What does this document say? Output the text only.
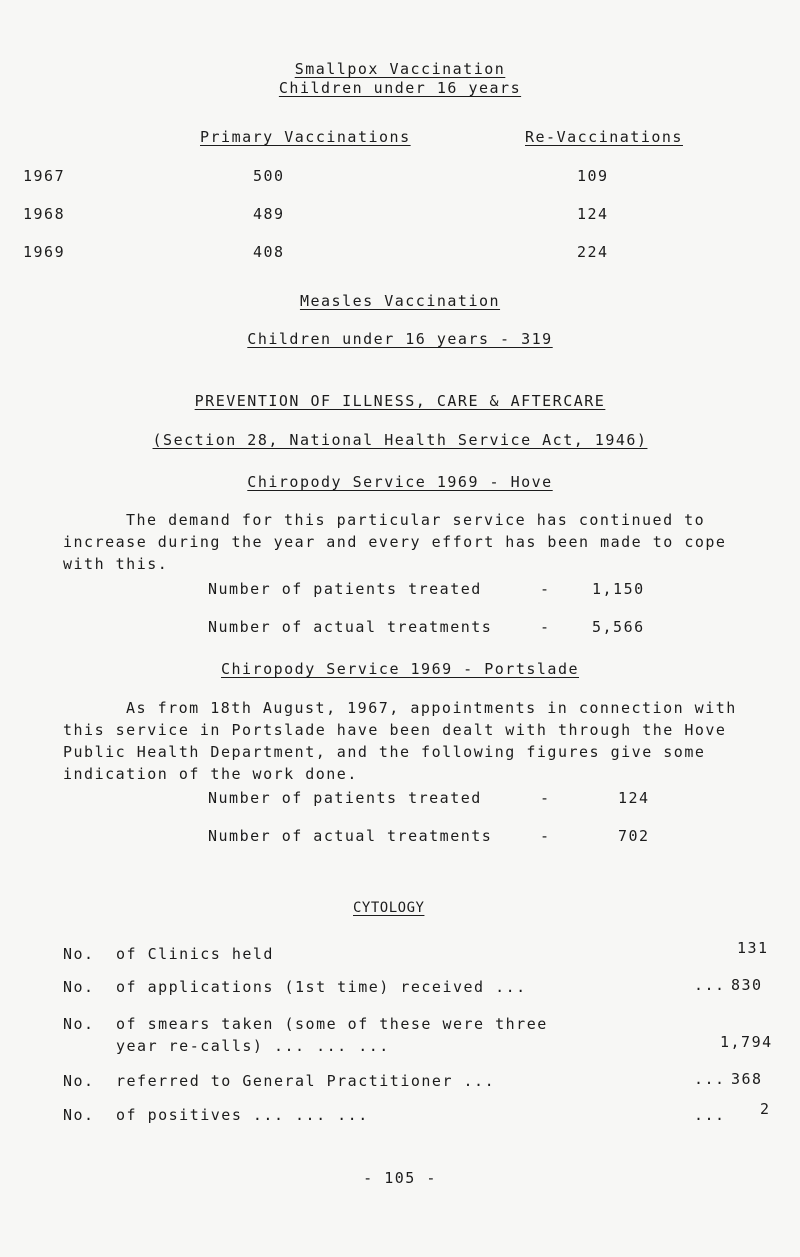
Smallpox Vaccination
Children under 16 years
Primary Vaccinations	Re-Vaccinations
1967	500	109
1968	489	124
1969	408	224
Measles Vaccination
Children under 16 years - 319
PREVENTION OF ILLNESS, CARE & AFTERCARE
(Section 28, National Health Service Act, 1946)
Chiropody Service 1969 - Hove
The demand for this particular service has continued to increase during the year and every effort has been made to cope with this.
Number of patients treated	-	1,150
Number of actual treatments	-	5,566
Chiropody Service 1969 - Portslade
As from 18th August, 1967, appointments in connection with this service in Portslade have been dealt with through the Hove Public Health Department, and the following figures give some indication of the work done.
Number of patients treated	-	124
Number of actual treatments	-	702
CYTOLOGY
No. of Clinics held	131
No. of applications (1st time) received ...	... 830
No. of smears taken (some of these were three
year re-calls) ... ... ...	1,794
No. referred to General Practitioner ...	... 368
No. of positives ... ... ...	... 2
- 105 -
